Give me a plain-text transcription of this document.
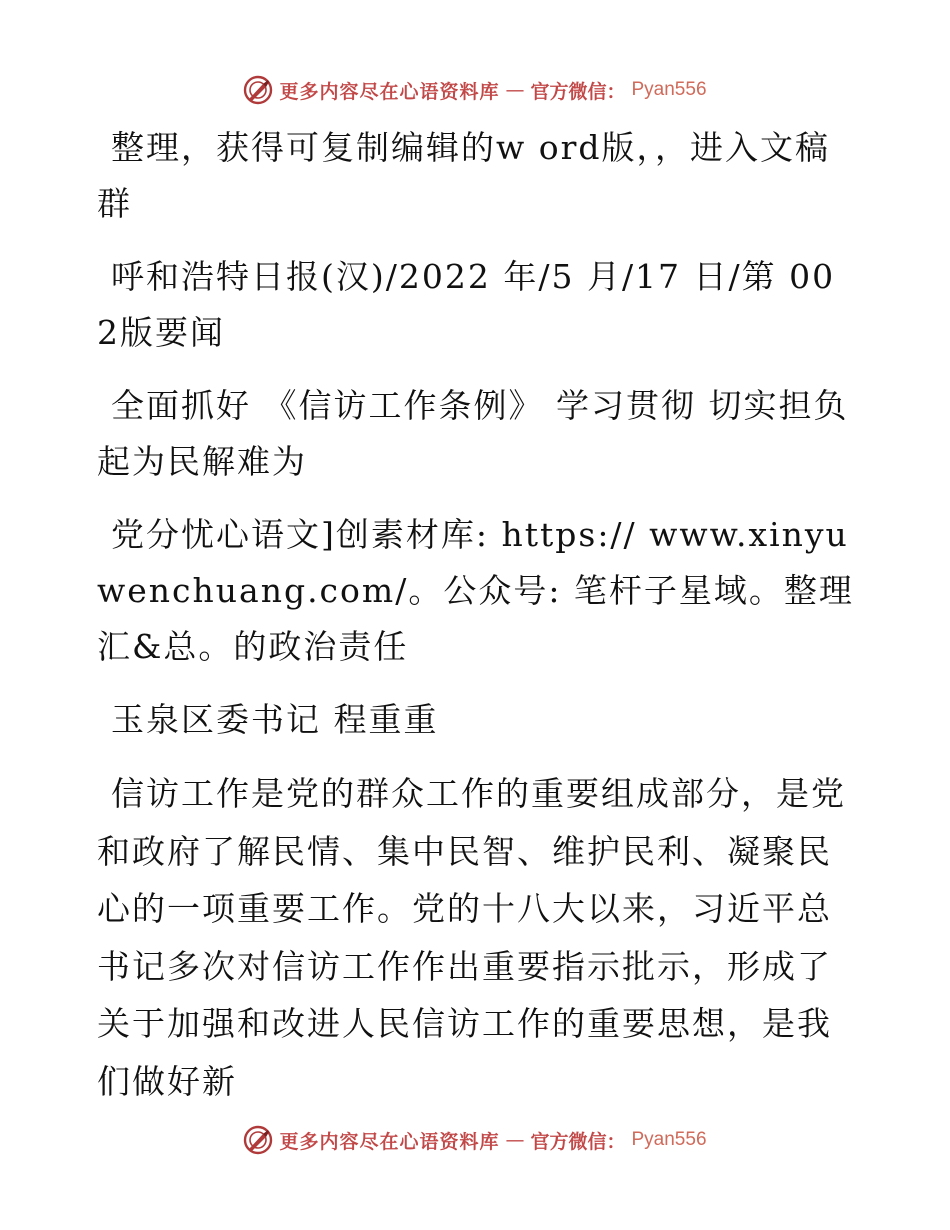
更多内容尽在心语资料库 — 官方微信： Pyan556

整理，获得可复制编辑的w ord版，，进入文稿群

呼和浩特日报(汉)/2022 年/5 月/17 日/第 002版要闻

全面抓好 《信访工作条例》 学习贯彻 切实担负起为民解难为

党分忧心语文]创素材库: https:// www.xinyuwenchuang.com/。公众号: 笔杆子星域。整理汇&总。的政治责任

玉泉区委书记 程重重

信访工作是党的群众工作的重要组成部分，是党和政府了解民情、集中民智、维护民利、凝聚民心的一项重要工作。党的十八大以来，习近平总书记多次对信访工作作出重要指示批示，形成了关于加强和改进人民信访工作的重要思想，是我们做好新

更多内容尽在心语资料库 — 官方微信： Pyan556
